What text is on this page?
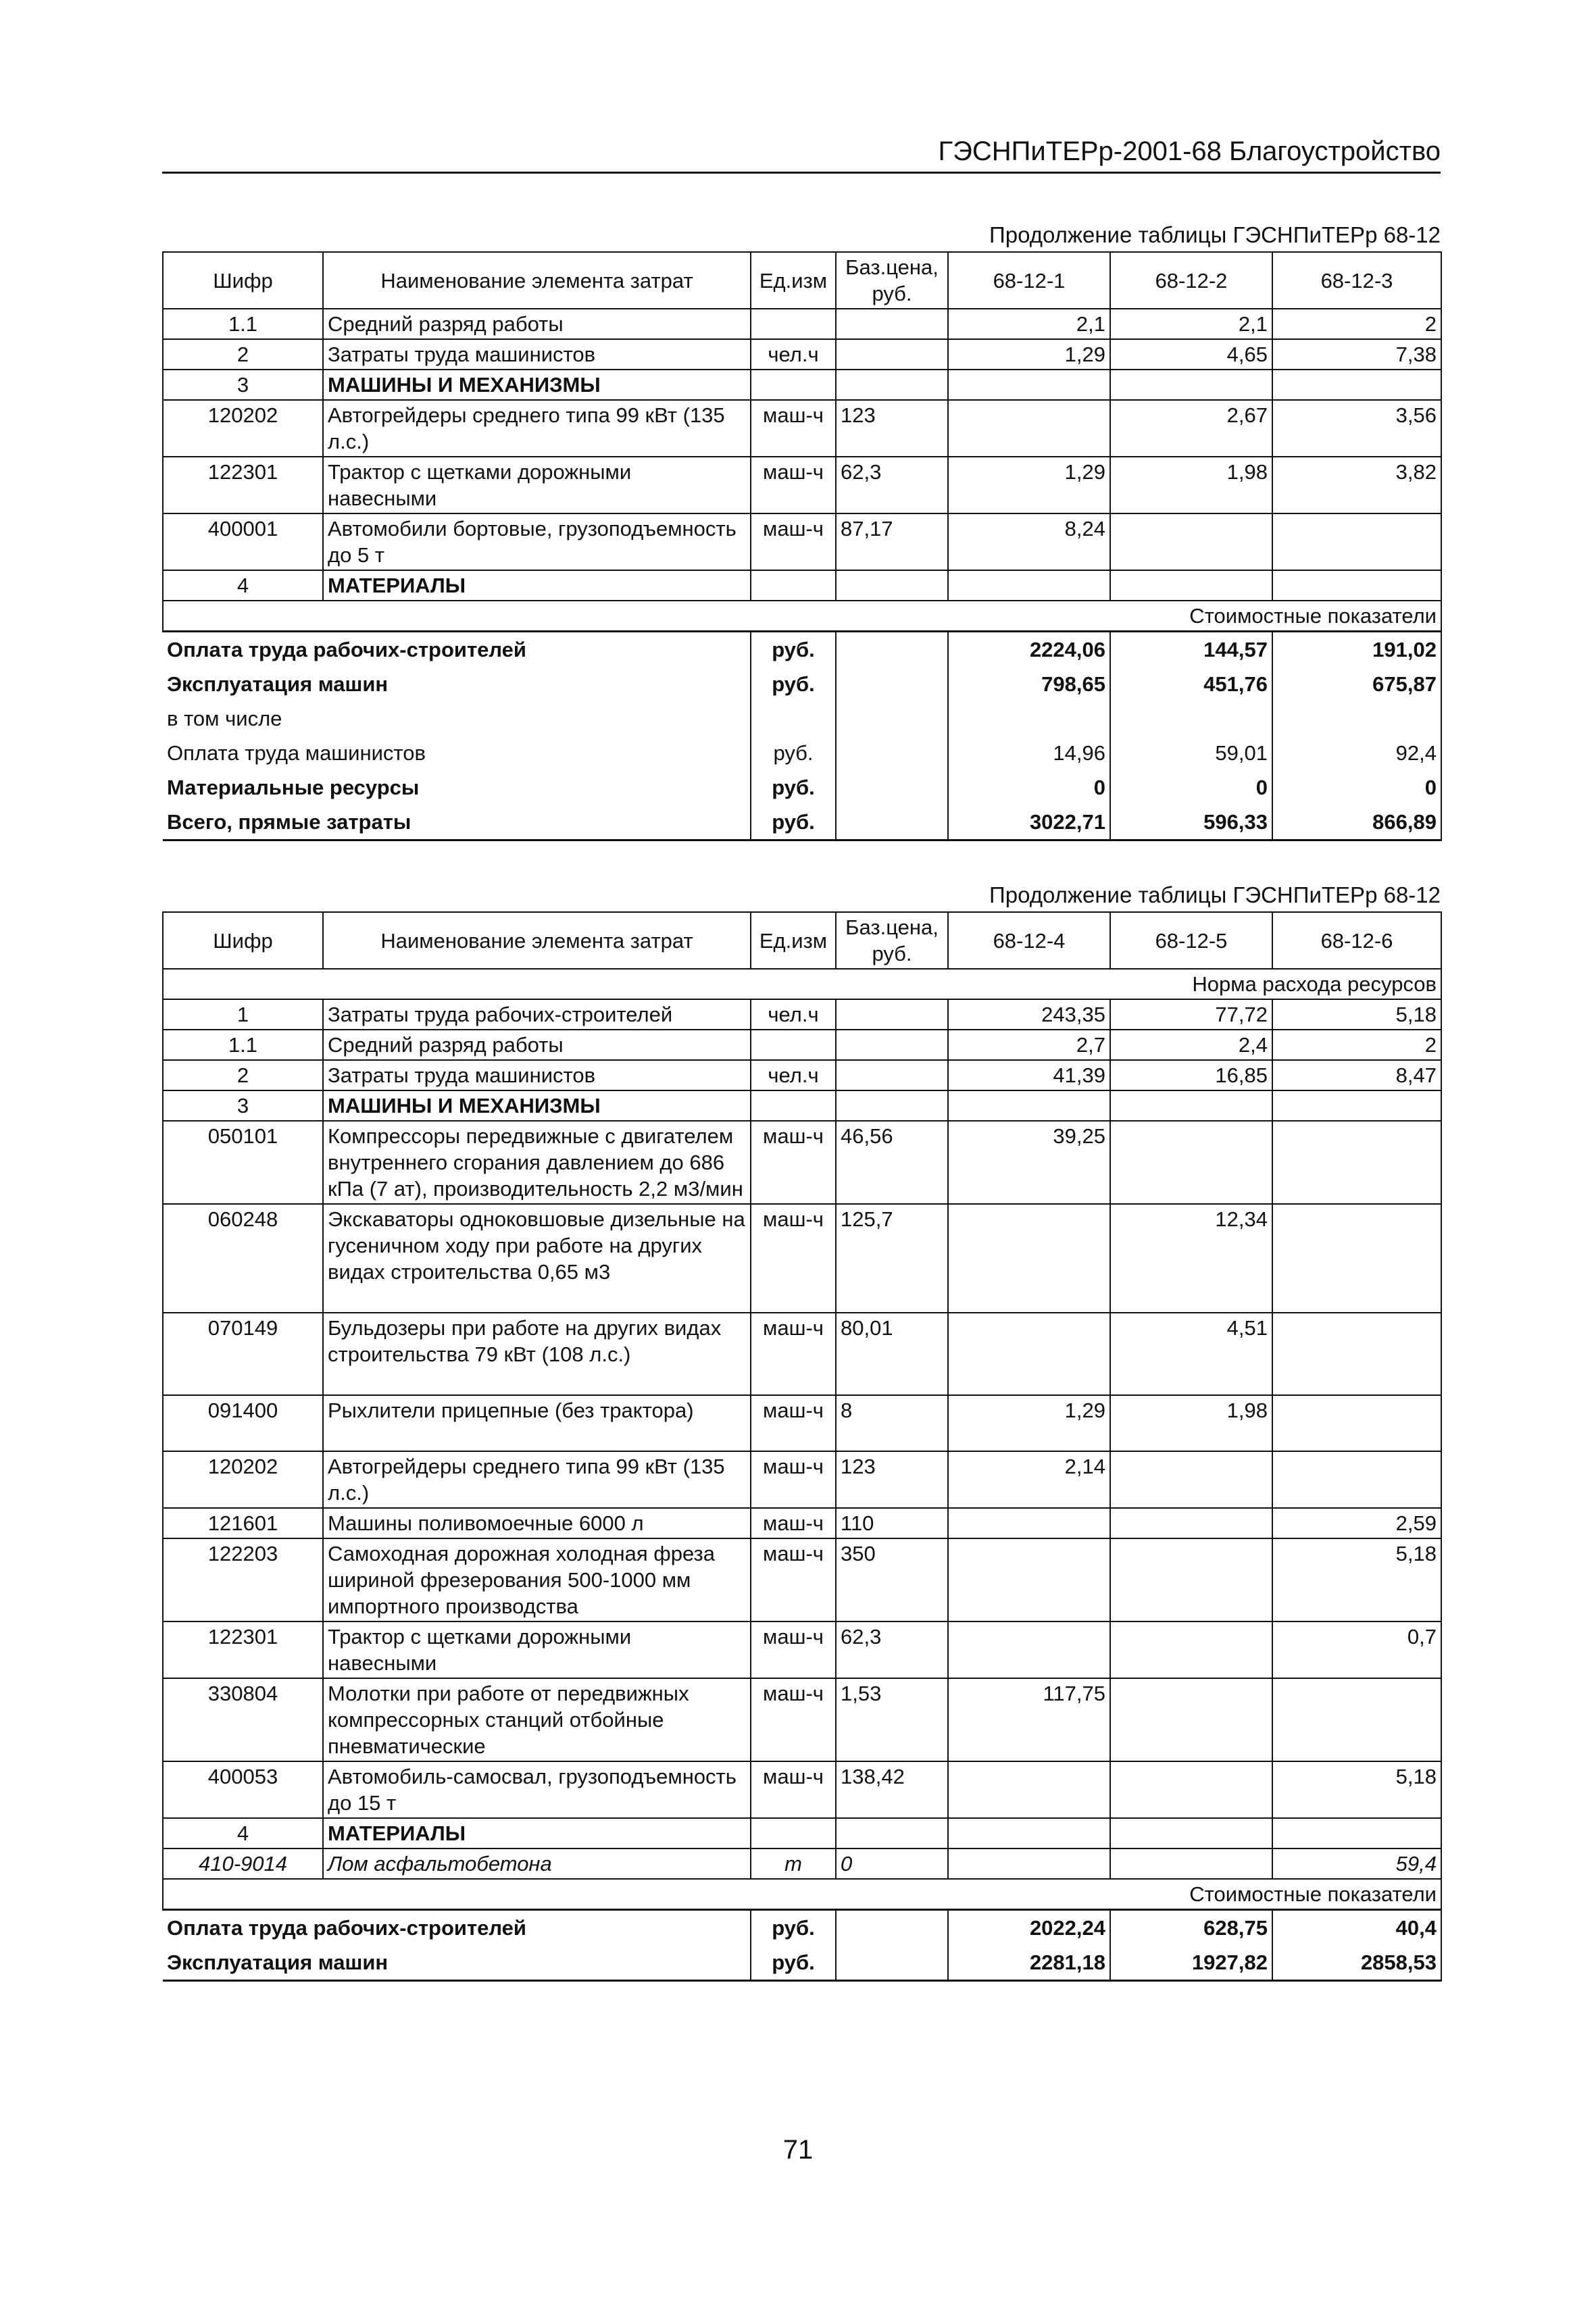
ГЭСНПиТЕРр-2001-68 Благоустройство
Продолжение таблицы ГЭСНПиТЕРр 68-12
Шифр	Наименование элемента затрат	Ед.изм	Баз.цена, руб.	68-12-1	68-12-2	68-12-3
1.1	Средний разряд работы			2,1	2,1	2
2	Затраты труда машинистов	чел.ч		1,29	4,65	7,38
3	МАШИНЫ И МЕХАНИЗМЫ					
120202	Автогрейдеры среднего типа 99 кВт (135 л.с.)	маш-ч	123		2,67	3,56
122301	Трактор с щетками дорожными навесными	маш-ч	62,3	1,29	1,98	3,82
400001	Автомобили бортовые, грузоподъемность до 5 т	маш-ч	87,17	8,24		
4	МАТЕРИАЛЫ					
Стоимостные показатели						
Оплата труда рабочих-строителей		руб.		2224,06	144,57	191,02
Эксплуатация машин		руб.		798,65	451,76	675,87
в том числе						
Оплата труда машинистов		руб.		14,96	59,01	92,4
Материальные ресурсы		руб.		0	0	0
Всего, прямые затраты		руб.		3022,71	596,33	866,89
Продолжение таблицы ГЭСНПиТЕРр 68-12
Шифр	Наименование элемента затрат	Ед.изм	Баз.цена, руб.	68-12-4	68-12-5	68-12-6
Норма расхода ресурсов						
1	Затраты труда рабочих-строителей	чел.ч		243,35	77,72	5,18
1.1	Средний разряд работы			2,7	2,4	2
2	Затраты труда машинистов	чел.ч		41,39	16,85	8,47
3	МАШИНЫ И МЕХАНИЗМЫ					
050101	Компрессоры передвижные с двигателем внутреннего сгорания давлением до 686 кПа (7 ат), производительность 2,2 м3/мин	маш-ч	46,56	39,25		
060248	Экскаваторы одноковшовые дизельные на гусеничном ходу при работе на других видах строительства 0,65 м3	маш-ч	125,7		12,34	
070149	Бульдозеры при работе на других видах строительства 79 кВт (108 л.с.)	маш-ч	80,01		4,51	
091400	Рыхлители прицепные (без трактора)	маш-ч	8	1,29	1,98	
120202	Автогрейдеры среднего типа 99 кВт (135 л.с.)	маш-ч	123	2,14		
121601	Машины поливомоечные 6000 л	маш-ч	110			2,59
122203	Самоходная дорожная холодная фреза шириной фрезерования 500-1000 мм импортного производства	маш-ч	350			5,18
122301	Трактор с щетками дорожными навесными	маш-ч	62,3			0,7
330804	Молотки при работе от передвижных компрессорных станций отбойные пневматические	маш-ч	1,53	117,75		
400053	Автомобиль-самосвал, грузоподъемность до 15 т	маш-ч	138,42			5,18
4	МАТЕРИАЛЫ					
410-9014	Лом асфальтобетона	т	0			59,4
Стоимостные показатели						
Оплата труда рабочих-строителей		руб.		2022,24	628,75	40,4
Эксплуатация машин		руб.		2281,18	1927,82	2858,53
71
